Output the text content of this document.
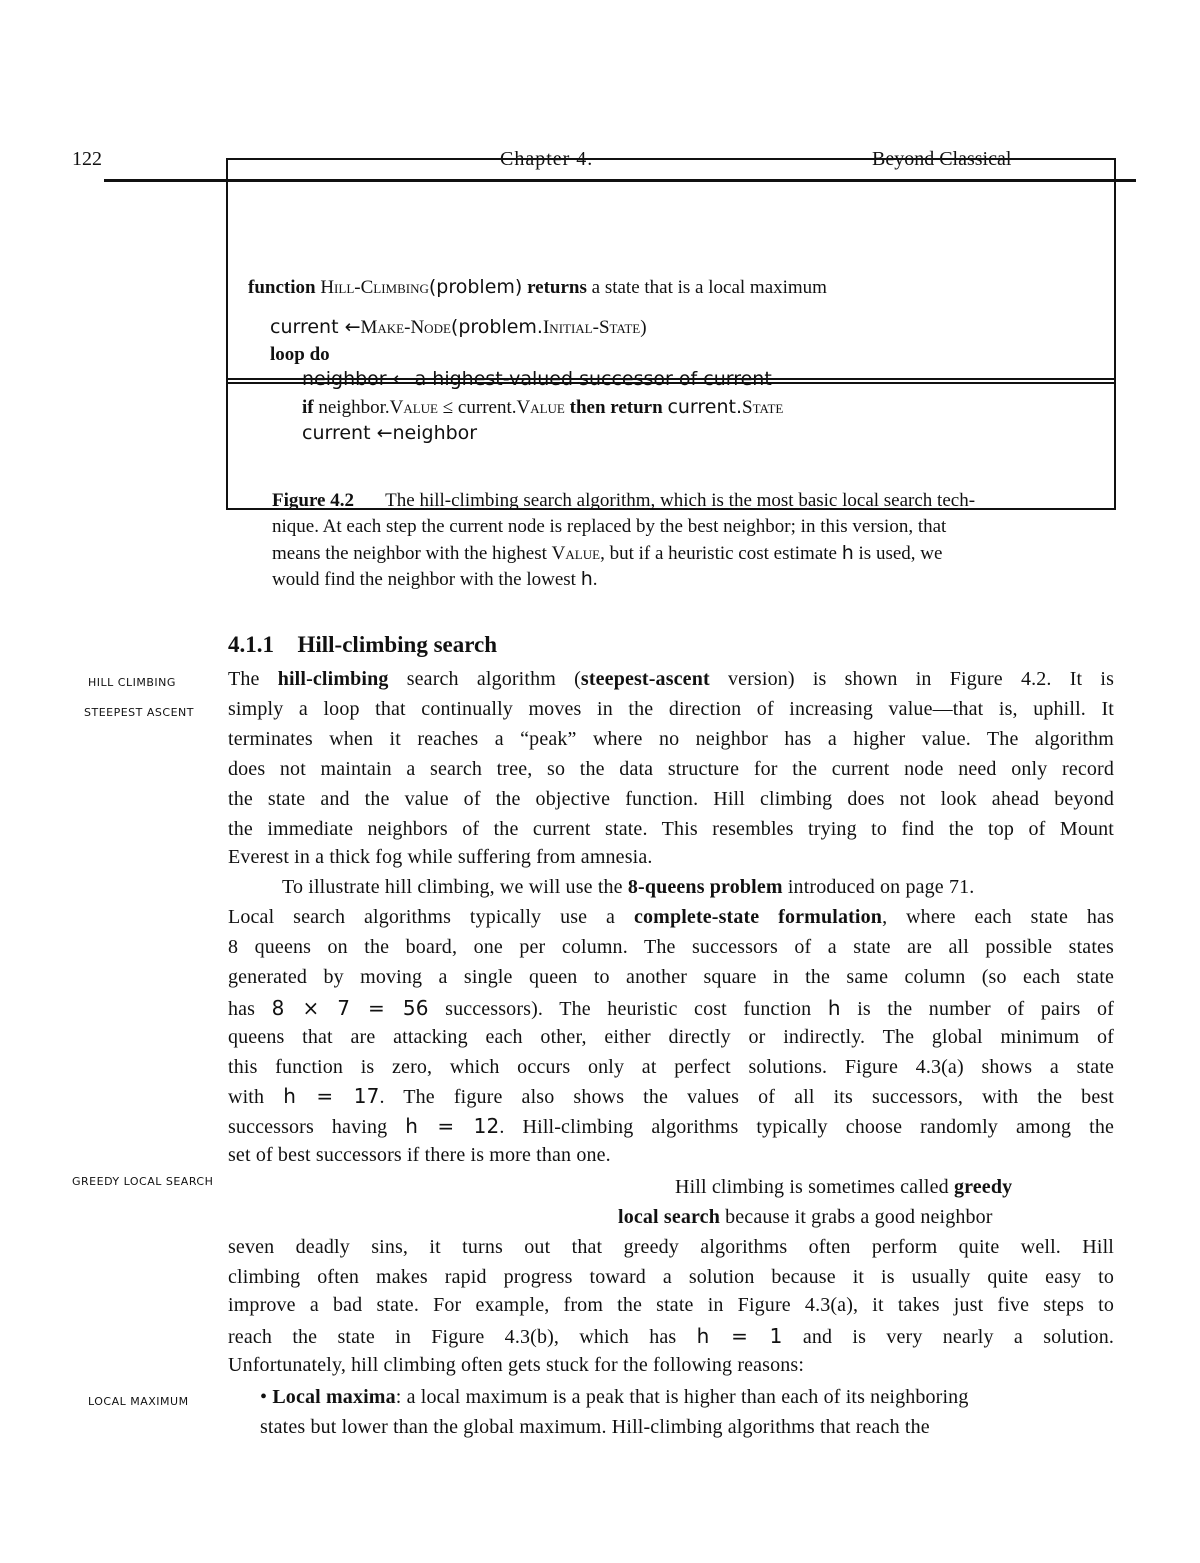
122	Chapter 4.	Beyond Classical
function Hill-Climbing(problem) returns a state that is a local maximum
current ←Make-Node(problem.Initial-State)
loop do
neighbor ← a highest-valued successor of current
if neighbor.Value ≤ current.Value then return current.State
current ←neighbor
Figure 4.2 The hill-climbing search algorithm, which is the most basic local search tech-
nique. At each step the current node is replaced by the best neighbor; in this version, that
means the neighbor with the highest Value, but if a heuristic cost estimate h is used, we
would find the neighbor with the lowest h.
4.1.1 Hill-climbing search
HILL CLIMBING
STEEPEST ASCENT
GREEDY LOCAL SEARCH
LOCAL MAXIMUM
The hill-climbing search algorithm (steepest-ascent version) is shown in Figure 4.2. It is
simply a loop that continually moves in the direction of increasing value—that is, uphill. It
terminates when it reaches a “peak” where no neighbor has a higher value. The algorithm
does not maintain a search tree, so the data structure for the current node need only record
the state and the value of the objective function. Hill climbing does not look ahead beyond
the immediate neighbors of the current state. This resembles trying to find the top of Mount
Everest in a thick fog while suffering from amnesia.
To illustrate hill climbing, we will use the 8-queens problem introduced on page 71.
Local search algorithms typically use a complete-state formulation, where each state has
8 queens on the board, one per column. The successors of a state are all possible states
generated by moving a single queen to another square in the same column (so each state
has 8 × 7 = 56 successors). The heuristic cost function h is the number of pairs of
queens that are attacking each other, either directly or indirectly. The global minimum of
this function is zero, which occurs only at perfect solutions. Figure 4.3(a) shows a state
with h = 17. The figure also shows the values of all its successors, with the best
successors having h = 12. Hill-climbing algorithms typically choose randomly among the
set of best successors if there is more than one.
Hill climbing is sometimes called greedy
local search because it grabs a good neighbor
seven deadly sins, it turns out that greedy algorithms often perform quite well. Hill
climbing often makes rapid progress toward a solution because it is usually quite easy to
improve a bad state. For example, from the state in Figure 4.3(a), it takes just five steps to
reach the state in Figure 4.3(b), which has h = 1 and is very nearly a solution.
Unfortunately, hill climbing often gets stuck for the following reasons:
• Local maxima: a local maximum is a peak that is higher than each of its neighboring
states but lower than the global maximum. Hill-climbing algorithms that reach the
